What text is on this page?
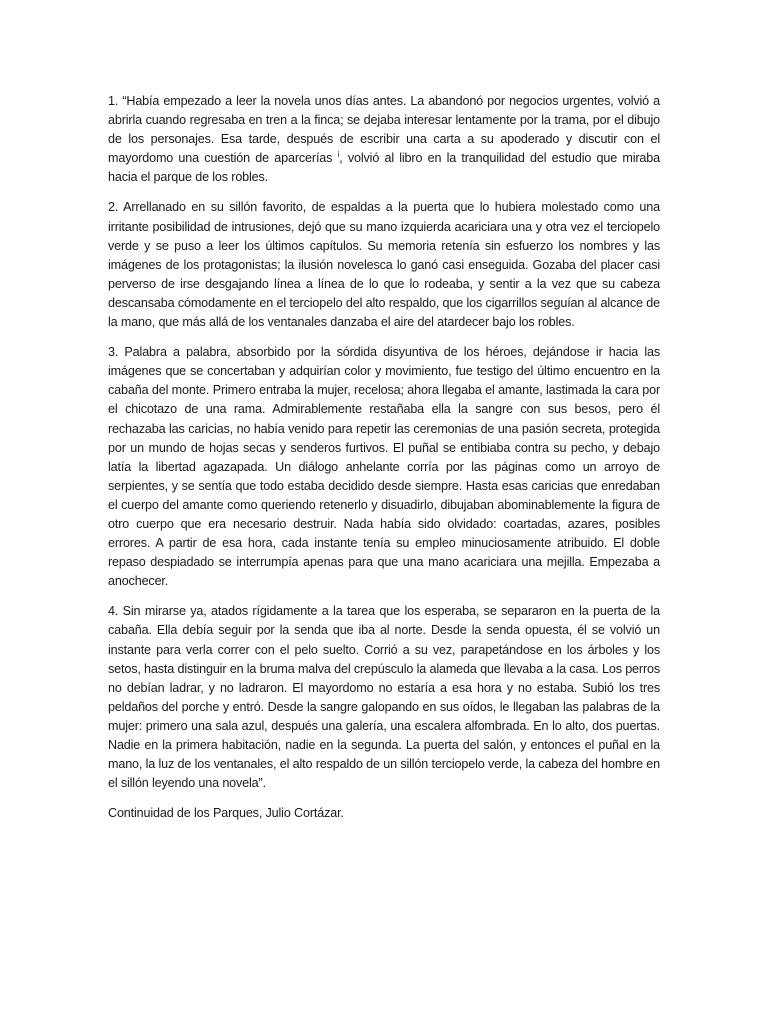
1. “Había empezado a leer la novela unos días antes. La abandonó por negocios urgentes, volvió a abrirla cuando regresaba en tren a la finca; se dejaba interesar lentamente por la trama, por el dibujo de los personajes. Esa tarde, después de escribir una carta a su apoderado y discutir con el mayordomo una cuestión de aparcerías $^i$, volvió al libro en la tranquilidad del estudio que miraba hacia el parque de los robles.

2. Arrellanado en su sillón favorito, de espaldas a la puerta que lo hubiera molestado como una irritante posibilidad de intrusiones, dejó que su mano izquierda acariciara una y otra vez el terciopelo verde y se puso a leer los últimos capítulos. Su memoria retenía sin esfuerzo los nombres y las imágenes de los protagonistas; la ilusión novelesca lo ganó casi enseguida. Gozaba del placer casi perverso de irse desgajando línea a línea de lo que lo rodeaba, y sentir a la vez que su cabeza descansaba cómodamente en el terciopelo del alto respaldo, que los cigarrillos seguían al alcance de la mano, que más allá de los ventanales danzaba el aire del atardecer bajo los robles.

3. Palabra a palabra, absorbido por la sórdida disyuntiva de los héroes, dejándose ir hacia las imágenes que se concertaban y adquirían color y movimiento, fue testigo del último encuentro en la cabaña del monte. Primero entraba la mujer, recelosa; ahora llegaba el amante, lastimada la cara por el chicotazo de una rama. Admirablemente restañaba ella la sangre con sus besos, pero él rechazaba las caricias, no había venido para repetir las ceremonias de una pasión secreta, protegida por un mundo de hojas secas y senderos furtivos. El puñal se entibiaba contra su pecho, y debajo latía la libertad agazapada. Un diálogo anhelante corría por las páginas como un arroyo de serpientes, y se sentía que todo estaba decidido desde siempre. Hasta esas caricias que enredaban el cuerpo del amante como queriendo retenerlo y disuadirlo, dibujaban abominablemente la figura de otro cuerpo que era necesario destruir. Nada había sido olvidado: coartadas, azares, posibles errores. A partir de esa hora, cada instante tenía su empleo minuciosamente atribuido. El doble repaso despiadado se interrumpía apenas para que una mano acariciara una mejilla. Empezaba a anochecer.

4. Sin mirarse ya, atados rígidamente a la tarea que los esperaba, se separaron en la puerta de la cabaña. Ella debía seguir por la senda que iba al norte. Desde la senda opuesta, él se volvió un instante para verla correr con el pelo suelto. Corrió a su vez, parapetándose en los árboles y los setos, hasta distinguir en la bruma malva del crepúsculo la alameda que llevaba a la casa. Los perros no debían ladrar, y no ladraron. El mayordomo no estaría a esa hora y no estaba. Subió los tres peldaños del porche y entró. Desde la sangre galopando en sus oídos, le llegaban las palabras de la mujer: primero una sala azul, después una galería, una escalera alfombrada. En lo alto, dos puertas. Nadie en la primera habitación, nadie en la segunda. La puerta del salón, y entonces el puñal en la mano, la luz de los ventanales, el alto respaldo de un sillón terciopelo verde, la cabeza del hombre en el sillón leyendo una novela”.

Continuidad de los Parques, Julio Cortázar.
